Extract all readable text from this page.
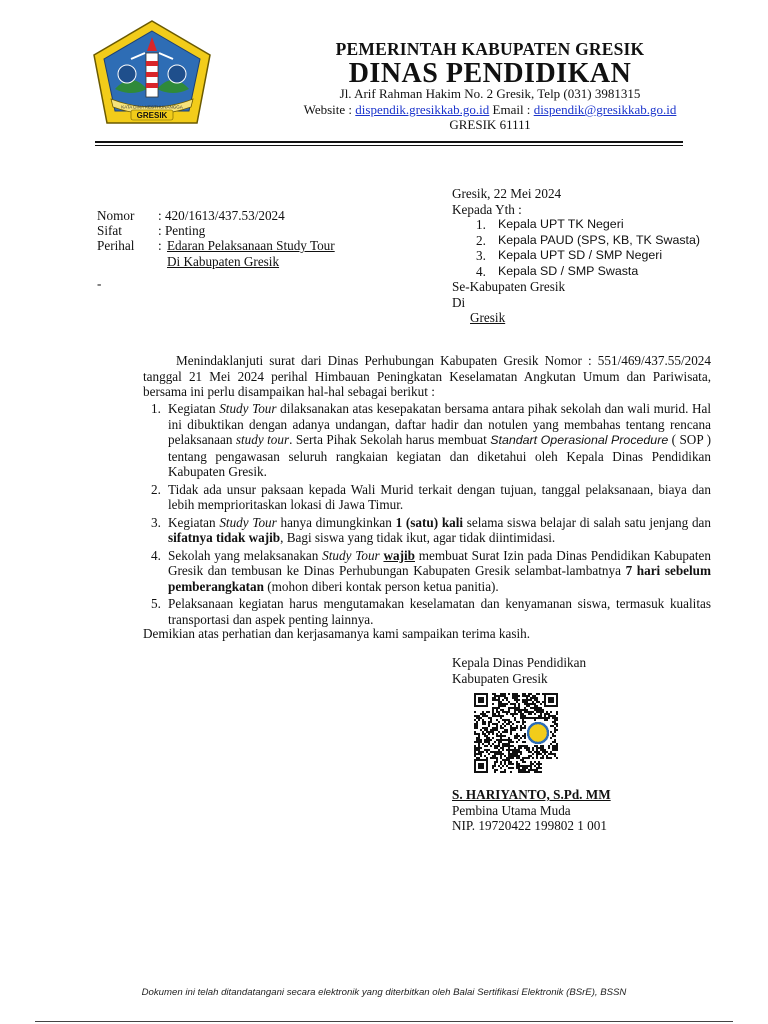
KATA DINA KESTHUNANGGA
GRESIK
PEMERINTAH KABUPATEN GRESIK
DINAS PENDIDIKAN
Jl. Arif Rahman Hakim No. 2 Gresik, Telp (031) 3981315
Website : dispendik.gresikkab.go.id Email : dispendik@gresikkab.go.id
GRESIK 61111
Nomor	: 420/1613/437.53/2024
Sifat	: Penting
Perihal	: Edaran Pelaksanaan Study Tour
Di Kabupaten Gresik
-
Gresik, 22 Mei 2024
Kepada Yth :
1. Kepala UPT TK Negeri
2. Kepala PAUD (SPS, KB, TK Swasta)
3. Kepala UPT SD / SMP Negeri
4. Kepala SD / SMP Swasta
Se-Kabupaten Gresik
Di
Gresik
Menindaklanjuti surat dari Dinas Perhubungan Kabupaten Gresik Nomor : 551/469/437.55/2024 tanggal 21 Mei 2024 perihal Himbauan Peningkatan Keselamatan Angkutan Umum dan Pariwisata, bersama ini perlu disampaikan hal-hal sebagai berikut :
1. Kegiatan Study Tour dilaksanakan atas kesepakatan bersama antara pihak sekolah dan wali murid. Hal ini dibuktikan dengan adanya undangan, daftar hadir dan notulen yang membahas tentang rencana pelaksanaan study tour. Serta Pihak Sekolah harus membuat Standart Operasional Procedure ( SOP ) tentang pengawasan seluruh rangkaian kegiatan dan diketahui oleh Kepala Dinas Pendidikan Kabupaten Gresik.
2. Tidak ada unsur paksaan kepada Wali Murid terkait dengan tujuan, tanggal pelaksanaan, biaya dan lebih memprioritaskan lokasi di Jawa Timur.
3. Kegiatan Study Tour hanya dimungkinkan 1 (satu) kali selama siswa belajar di salah satu jenjang dan sifatnya tidak wajib, Bagi siswa yang tidak ikut, agar tidak diintimidasi.
4. Sekolah yang melaksanakan Study Tour wajib membuat Surat Izin pada Dinas Pendidikan Kabupaten Gresik dan tembusan ke Dinas Perhubungan Kabupaten Gresik selambat-lambatnya 7 hari sebelum pemberangkatan (mohon diberi kontak person ketua panitia).
5. Pelaksanaan kegiatan harus mengutamakan keselamatan dan kenyamanan siswa, termasuk kualitas transportasi dan aspek penting lainnya.
Demikian atas perhatian dan kerjasamanya kami sampaikan terima kasih.
Kepala Dinas Pendidikan
Kabupaten Gresik
S. HARIYANTO, S.Pd. MM
Pembina Utama Muda
NIP. 19720422 199802 1 001
Dokumen ini telah ditandatangani secara elektronik yang diterbitkan oleh Balai Sertifikasi Elektronik (BSrE), BSSN
